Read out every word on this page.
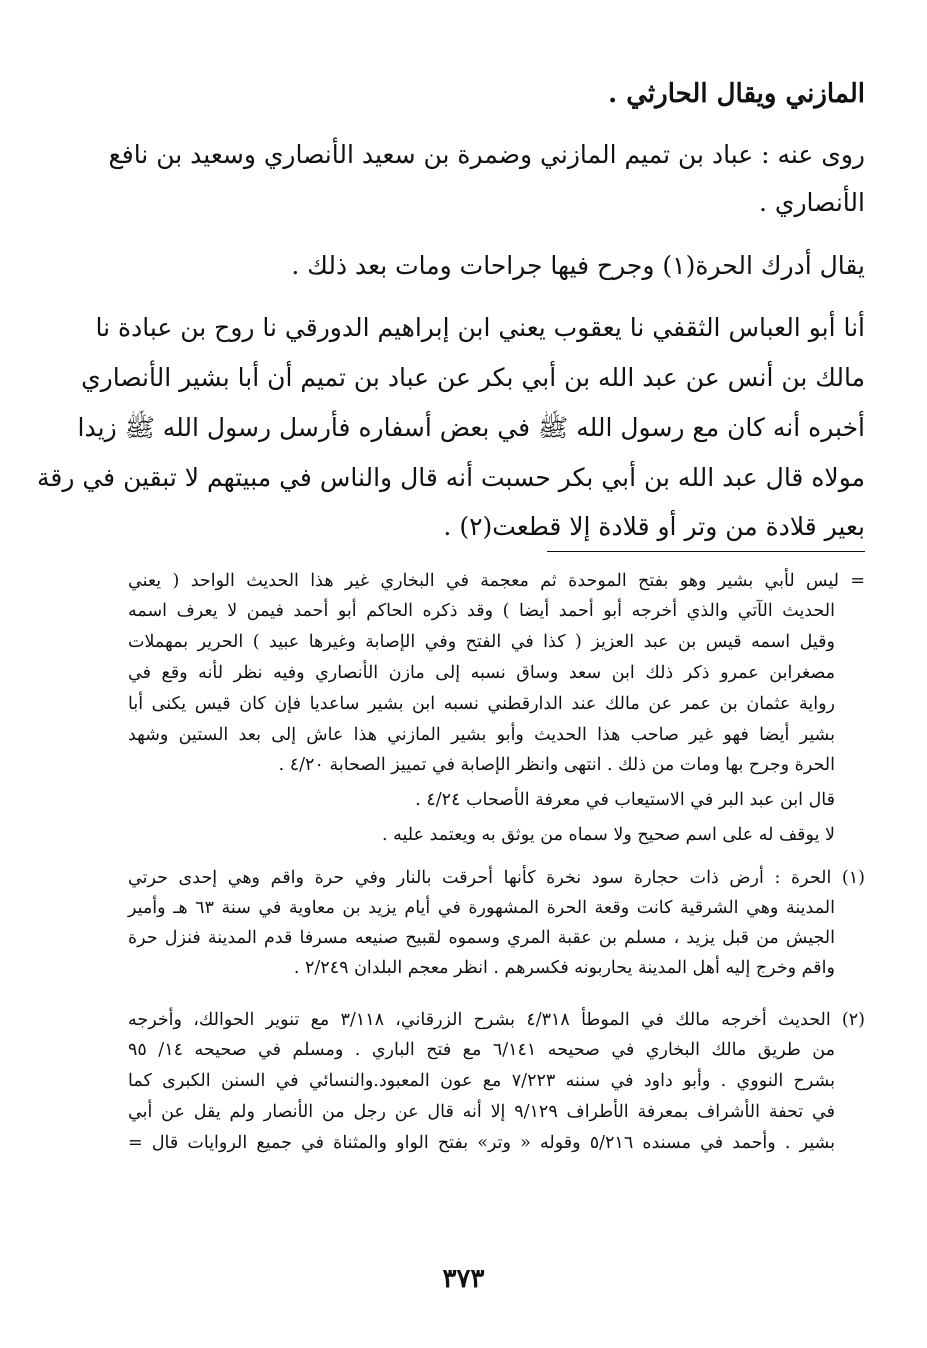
المازني ويقال الحارثي .
روى عنه : عباد بن تميم المازني وضمرة بن سعيد الأنصاري وسعيد بن نافع
الأنصاري .
يقال أدرك الحرة(١) وجرح فيها جراحات ومات بعد ذلك .
أنا أبو العباس الثقفي نا يعقوب يعني ابن إبراهيم الدورقي نا روح بن عبادة نا
مالك بن أنس عن عبد الله بن أبي بكر عن عباد بن تميم أن أبا بشير الأنصاري
أخبره أنه كان مع رسول الله ﷺ في بعض أسفاره فأرسل رسول الله ﷺ زيدا
مولاه قال عبد الله بن أبي بكر حسبت أنه قال والناس في مبيتهم لا تبقين في رقة
بعير قلادة من وتر أو قلادة إلا قطعت(٢) .
= ليس لأبي بشير وهو بفتح الموحدة ثم معجمة في البخاري غير هذا الحديث الواحد ( يعني
الحديث الآتي والذي أخرجه أبو أحمد أيضا ) وقد ذكره الحاكم أبو أحمد فيمن لا يعرف اسمه
وقيل اسمه قيس بن عبد العزيز ( كذا في الفتح وفي الإصابة وغيرها عبيد ) الحرير بمهملات
مصغرابن عمرو ذكر ذلك ابن سعد وساق نسبه إلى مازن الأنصاري وفيه نظر لأنه وقع في
رواية عثمان بن عمر عن مالك عند الدارقطني نسبه ابن بشير ساعديا فإن كان قيس يكنى أبا
بشير أيضا فهو غير صاحب هذا الحديث وأبو بشير المازني هذا عاش إلى بعد الستين وشهد
الحرة وجرح بها ومات من ذلك . انتهى وانظر الإصابة في تمييز الصحابة ٤/٢٠ .
قال ابن عبد البر في الاستيعاب في معرفة الأصحاب ٤/٢٤ .
لا يوقف له على اسم صحيح ولا سماه من يوثق به ويعتمد عليه .
(١) الحرة : أرض ذات حجارة سود نخرة كأنها أحرقت بالنار وفي حرة واقم وهي إحدى حرتي
المدينة وهي الشرقية كانت وقعة الحرة المشهورة في أيام يزيد بن معاوية في سنة ٦٣ هـ وأمير
الجيش من قبل يزيد ، مسلم بن عقبة المري وسموه لقبيح صنيعه مسرفا قدم المدينة فنزل حرة
واقم وخرج إليه أهل المدينة يحاربونه فكسرهم . انظر معجم البلدان ٢/٢٤٩ .
(٢) الحديث أخرجه مالك في الموطأ ٤/٣١٨ بشرح الزرقاني، ٣/١١٨ مع تنوير الحوالك، وأخرجه
من طريق مالك البخاري في صحيحه ٦/١٤١ مع فتح الباري . ومسلم في صحيحه ١٤/ ٩٥
بشرح النووي . وأبو داود في سننه ٧/٢٢٣ مع عون المعبود.والنسائي في السنن الكبرى كما
في تحفة الأشراف بمعرفة الأطراف ٩/١٢٩ إلا أنه قال عن رجل من الأنصار ولم يقل عن أبي
بشير . وأحمد في مسنده ٥/٢١٦ وقوله « وتر» بفتح الواو والمثناة في جميع الروايات قال =
٣٧٣
